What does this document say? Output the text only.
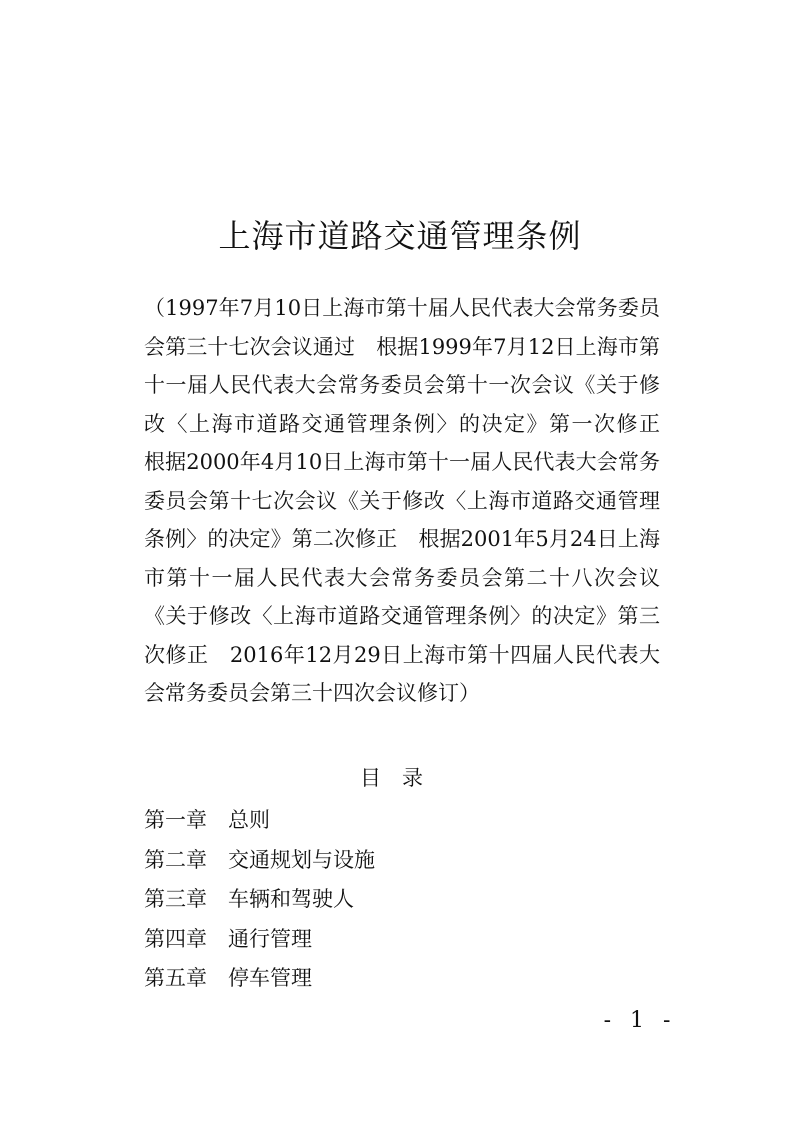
上海市道路交通管理条例

（1997年7月10日上海市第十届人民代表大会常务委员会第三十七次会议通过　根据1999年7月12日上海市第十一届人民代表大会常务委员会第十一次会议《关于修改〈上海市道路交通管理条例〉的决定》第一次修正　根据2000年4月10日上海市第十一届人民代表大会常务委员会第十七次会议《关于修改〈上海市道路交通管理条例〉的决定》第二次修正　根据2001年5月24日上海市第十一届人民代表大会常务委员会第二十八次会议《关于修改〈上海市道路交通管理条例〉的决定》第三次修正　2016年12月29日上海市第十四届人民代表大会常务委员会第三十四次会议修订）

目　录
第一章 总则
第二章 交通规划与设施
第三章 车辆和驾驶人
第四章 通行管理
第五章 停车管理
- 1 -
